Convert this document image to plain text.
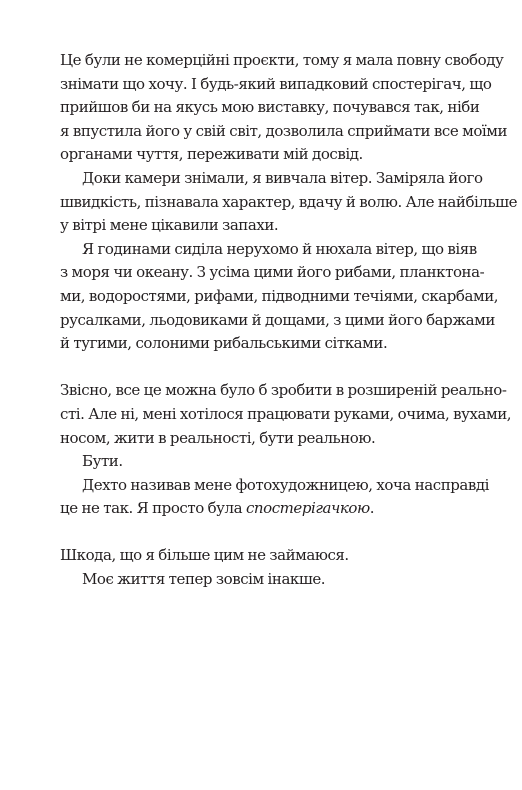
Це були не комерційні проєкти, тому я мала повну свободу
знімати що хочу. І будь-який випадковий спостерігач, що
прийшов би на якусь мою виставку, почувався так, ніби
я впустила його у свій світ, дозволила сприймати все моїми
органами чуття, переживати мій досвід.

Доки камери знімали, я вивчала вітер. Заміряла його
швидкість, пізнавала характер, вдачу й волю. Але найбільше
у вітрі мене цікавили запахи.

Я годинами сиділа нерухомо й нюхала вітер, що віяв
з моря чи океану. З усіма цими його рибами, планктона-
ми, водоростями, рифами, підводними течіями, скарбами,
русалками, льодовиками й дощами, з цими його баржами
й тугими, солоними рибальськими сітками.

Звісно, все це можна було б зробити в розширеній реально-
сті. Але ні, мені хотілося працювати руками, очима, вухами,
носом, жити в реальності, бути реальною.

Бути.

Дехто називав мене фотохудожницею, хоча насправді
це не так. Я просто була спостерігачкою.

Шкода, що я більше цим не займаюся.

Моє життя тепер зовсім інакше.
